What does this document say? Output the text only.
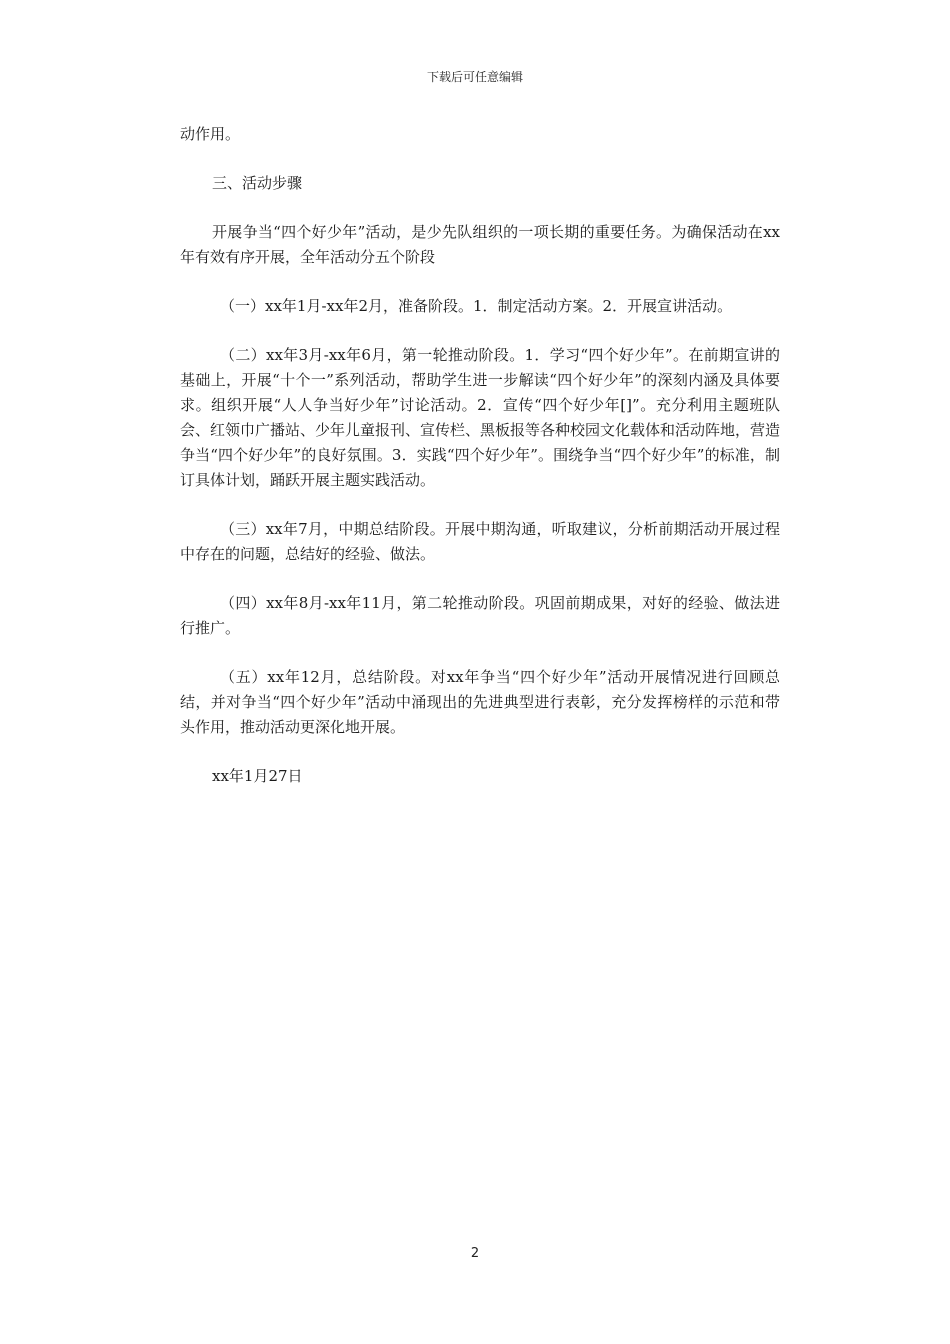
下载后可任意编辑

动作用。

三、活动步骤

开展争当“四个好少年”活动，是少先队组织的一项长期的重要任务。为确保活动在xx年有效有序开展，全年活动分五个阶段

（一）xx年1月-xx年2月，准备阶段。1．制定活动方案。2．开展宣讲活动。

（二）xx年3月-xx年6月，第一轮推动阶段。1．学习“四个好少年”。在前期宣讲的基础上，开展“十个一”系列活动，帮助学生进一步解读“四个好少年”的深刻内涵及具体要求。组织开展“人人争当好少年”讨论活动。2．宣传“四个好少年[]”。充分利用主题班队会、红领巾广播站、少年儿童报刊、宣传栏、黑板报等各种校园文化载体和活动阵地，营造争当“四个好少年”的良好氛围。3．实践“四个好少年”。围绕争当“四个好少年”的标准，制订具体计划，踊跃开展主题实践活动。

（三）xx年7月，中期总结阶段。开展中期沟通，听取建议，分析前期活动开展过程中存在的问题，总结好的经验、做法。

（四）xx年8月-xx年11月，第二轮推动阶段。巩固前期成果，对好的经验、做法进行推广。

（五）xx年12月，总结阶段。对xx年争当“四个好少年”活动开展情况进行回顾总结，并对争当“四个好少年”活动中涌现出的先进典型进行表彰，充分发挥榜样的示范和带头作用，推动活动更深化地开展。

xx年1月27日

2
